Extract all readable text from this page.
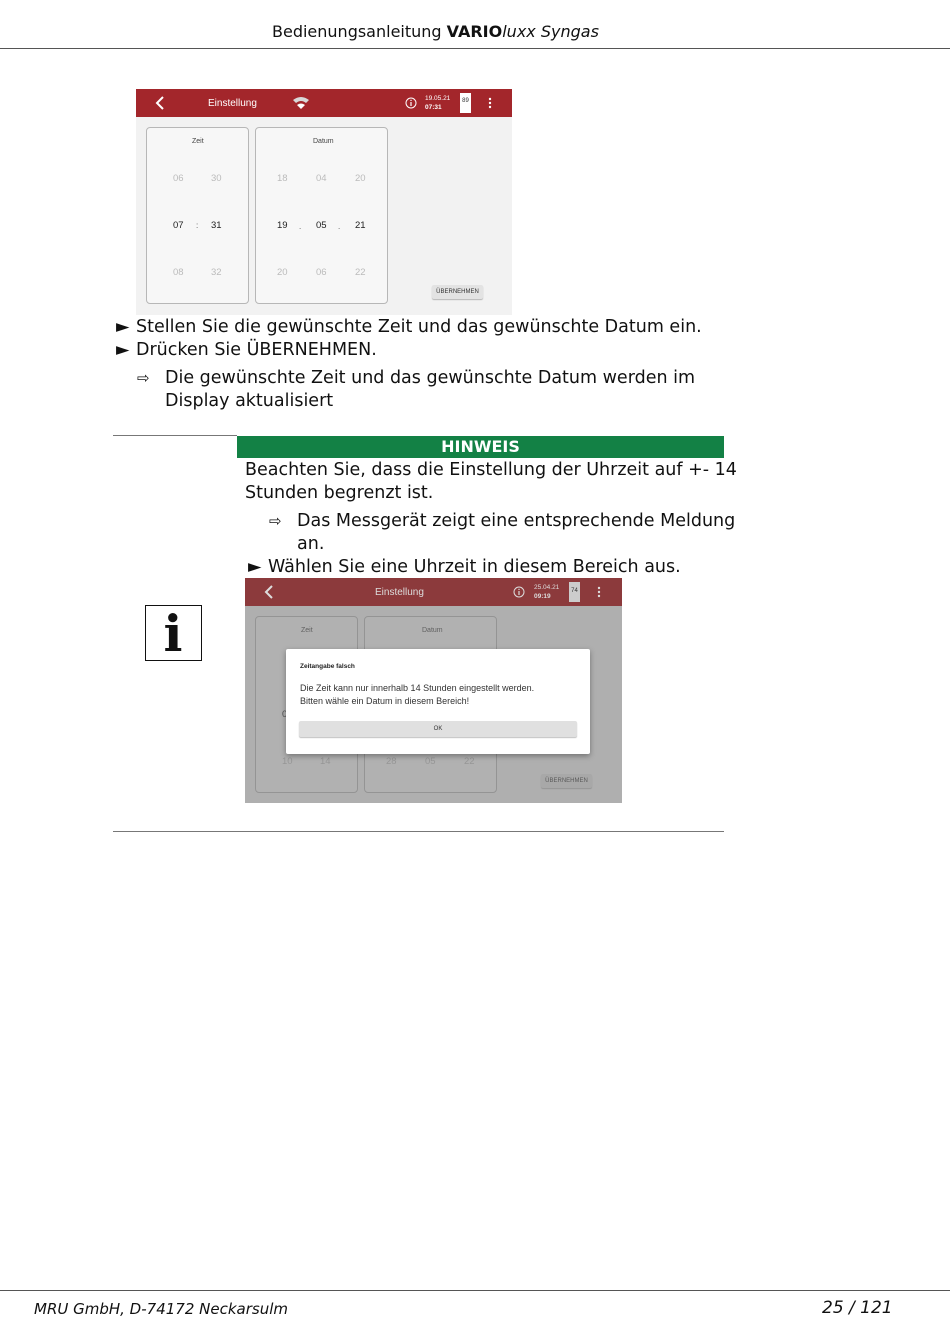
Bedienungsanleitung VARIOluxx Syngas
Einstellung	19.05.21
07:31
89
Zeit
06	30
07 : 31
08	32
Datum
18	04	20
19 . 05 . 21
20	06	22
ÜBERNEHMEN
► Stellen Sie die gewünschte Zeit und das gewünschte Datum ein.
► Drücken Sie ÜBERNEHMEN.
⇨ Die gewünschte Zeit und das gewünschte Datum werden im
Display aktualisiert
HINWEIS
Beachten Sie, dass die Einstellung der Uhrzeit auf +- 14
Stunden begrenzt ist.
⇨ Das Messgerät zeigt eine entsprechende Meldung
an.
► Wählen Sie eine Uhrzeit in diesem Bereich aus.
i
Einstellung	25.04.21
09:19
74
Zeitangabe falsch
Die Zeit kann nur innerhalb 14 Stunden eingestellt werden.
Bitten wähle ein Datum in diesem Bereich!
OK
MRU GmbH, D-74172 Neckarsulm	25 / 121
